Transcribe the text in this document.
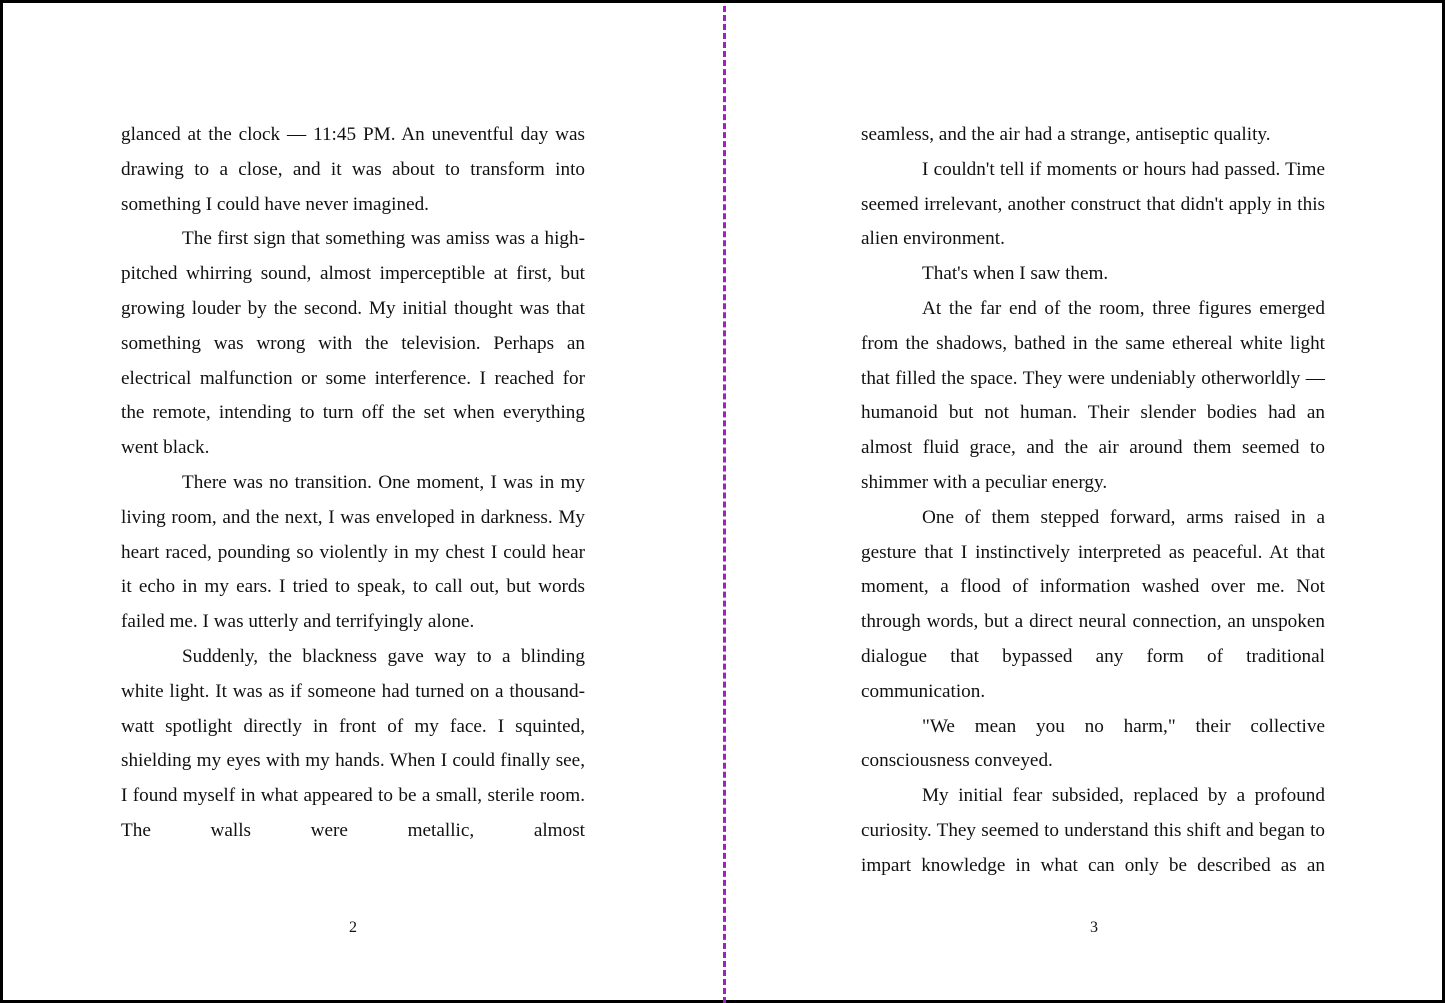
glanced at the clock — 11:45 PM. An uneventful day was drawing to a close, and it was about to transform into something I could have never imagined.

The first sign that something was amiss was a high-pitched whirring sound, almost imperceptible at first, but growing louder by the second. My initial thought was that something was wrong with the television. Perhaps an electrical malfunction or some interference. I reached for the remote, intending to turn off the set when everything went black.

There was no transition. One moment, I was in my living room, and the next, I was enveloped in darkness. My heart raced, pounding so violently in my chest I could hear it echo in my ears. I tried to speak, to call out, but words failed me. I was utterly and terrifyingly alone.

Suddenly, the blackness gave way to a blinding white light. It was as if someone had turned on a thousand-watt spotlight directly in front of my face. I squinted, shielding my eyes with my hands. When I could finally see, I found myself in what appeared to be a small, sterile room. The walls were metallic, almost

2

seamless, and the air had a strange, antiseptic quality.

I couldn't tell if moments or hours had passed. Time seemed irrelevant, another construct that didn't apply in this alien environment.

That's when I saw them.

At the far end of the room, three figures emerged from the shadows, bathed in the same ethereal white light that filled the space. They were undeniably otherworldly — humanoid but not human. Their slender bodies had an almost fluid grace, and the air around them seemed to shimmer with a peculiar energy.

One of them stepped forward, arms raised in a gesture that I instinctively interpreted as peaceful. At that moment, a flood of information washed over me. Not through words, but a direct neural connection, an unspoken dialogue that bypassed any form of traditional communication.

"We mean you no harm," their collective consciousness conveyed.

My initial fear subsided, replaced by a profound curiosity. They seemed to understand this shift and began to impart knowledge in what can only be described as an

3
